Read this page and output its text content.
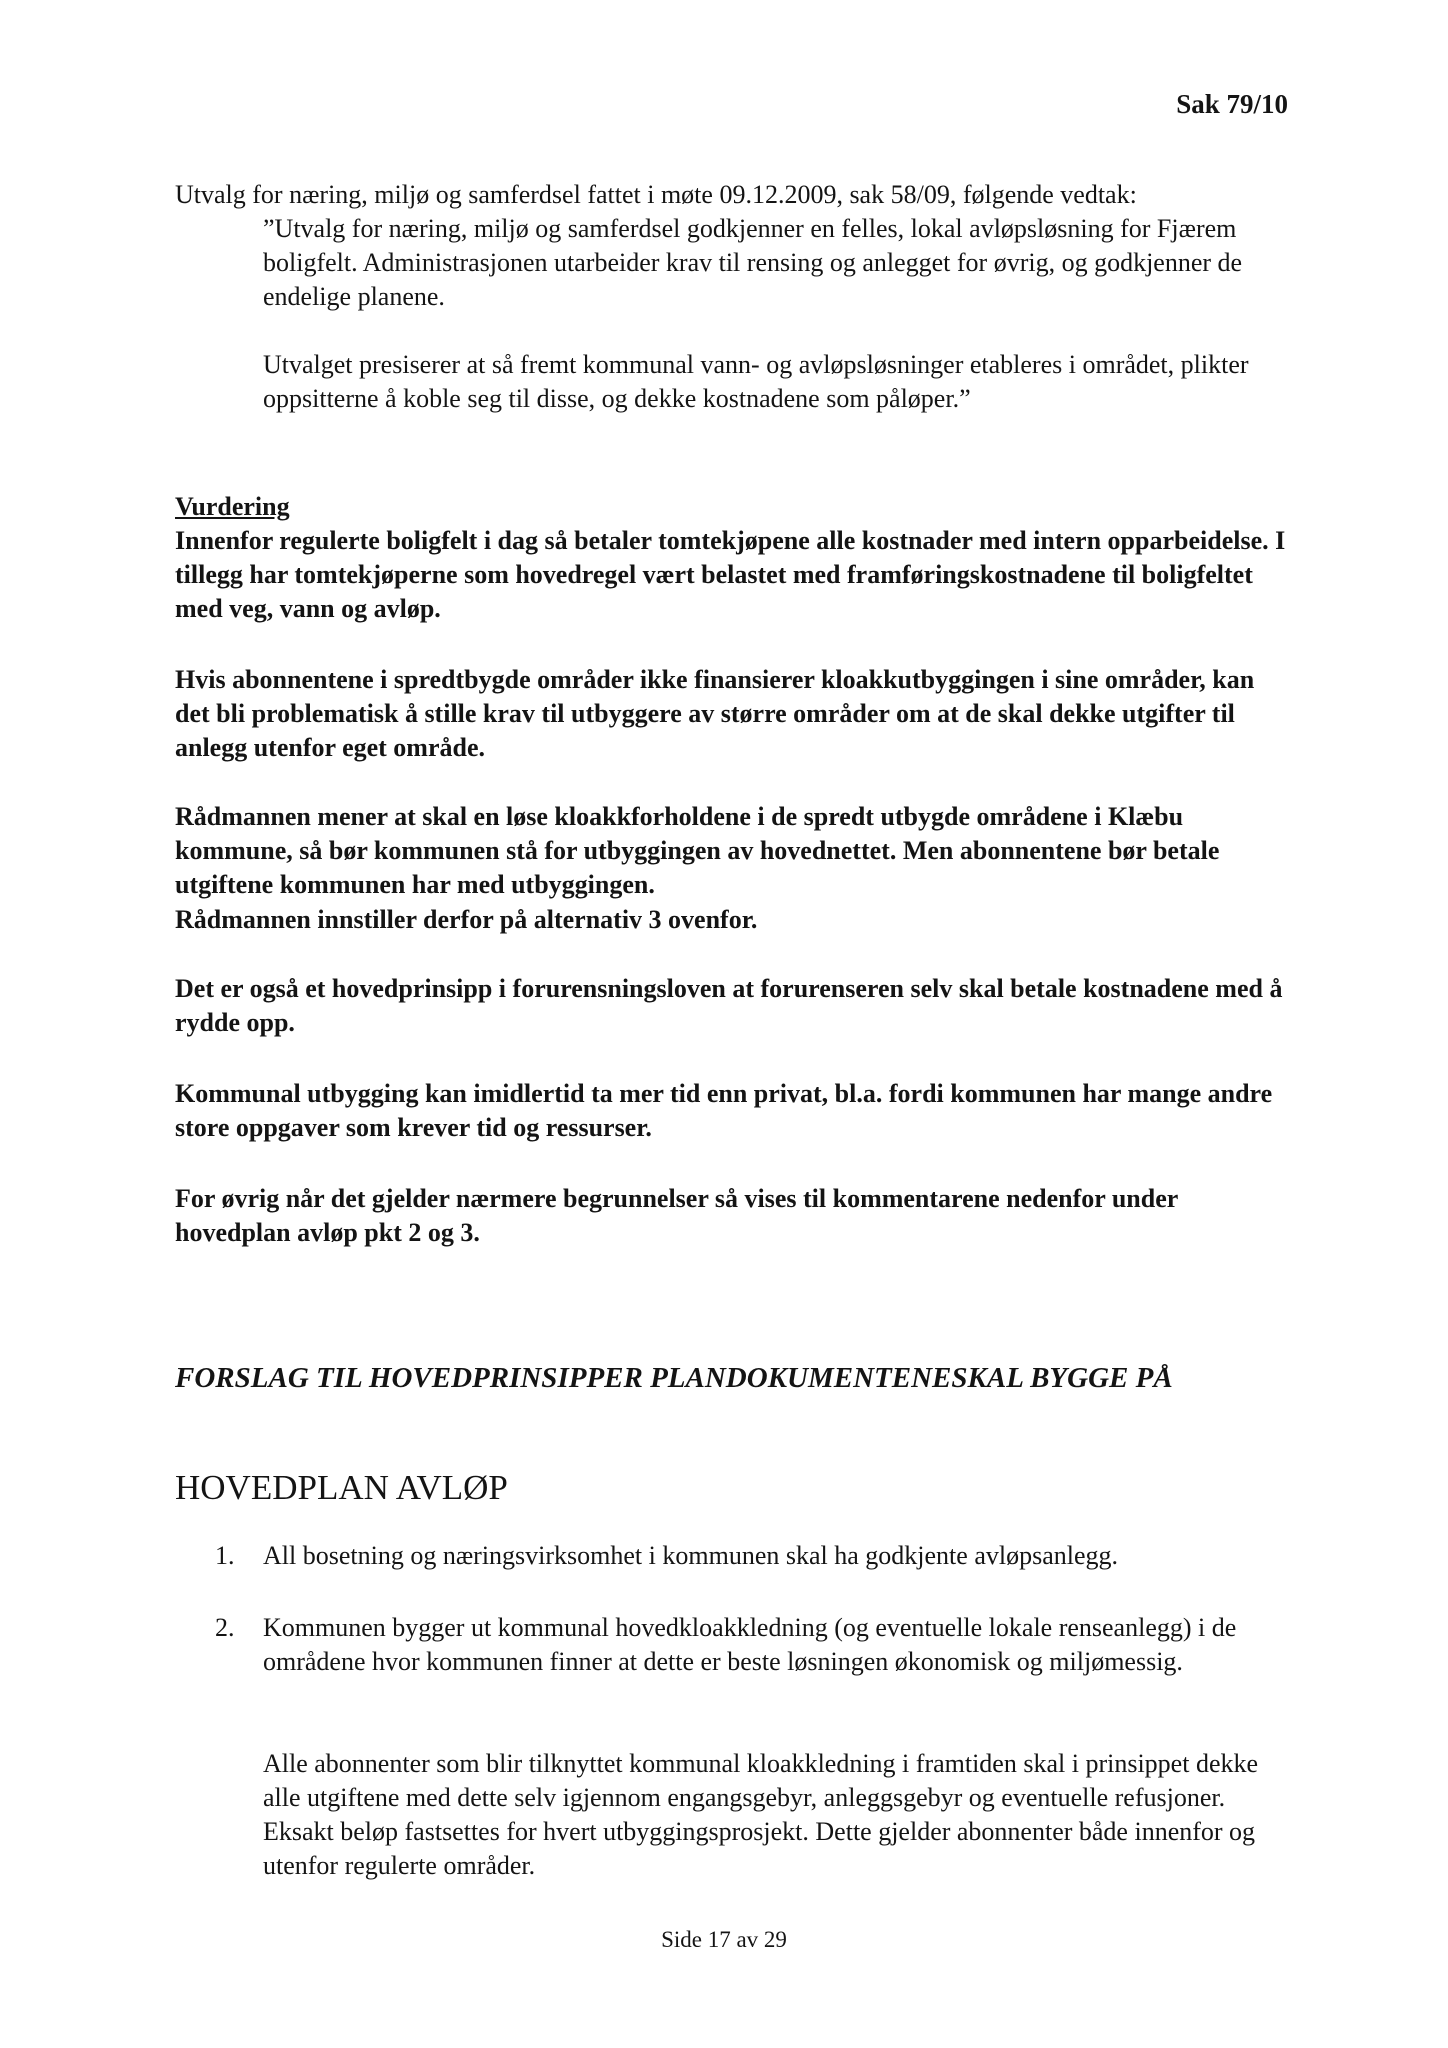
Sak 79/10

Utvalg for næring, miljø og samferdsel fattet i møte 09.12.2009, sak 58/09, følgende vedtak:

”Utvalg for næring, miljø og samferdsel godkjenner en felles, lokal avløpsløsning for Fjærem boligfelt. Administrasjonen utarbeider krav til rensing og anlegget for øvrig, og godkjenner de endelige planene.

Utvalget presiserer at så fremt kommunal vann- og avløpsløsninger etableres i området, plikter oppsitterne å koble seg til disse, og dekke kostnadene som påløper.”

Vurdering

Innenfor regulerte boligfelt i dag så betaler tomtekjøpene alle kostnader med intern opparbeidelse. I tillegg har tomtekjøperne som hovedregel vært belastet med framføringskostnadene til boligfeltet med veg, vann og avløp.

Hvis abonnentene i spredtbygde områder ikke finansierer kloakkutbyggingen i sine områder, kan det bli problematisk å stille krav til utbyggere av større områder om at de skal dekke utgifter til anlegg utenfor eget område.

Rådmannen mener at skal en løse kloakkforholdene i de spredt utbygde områdene i Klæbu kommune, så bør kommunen stå for utbyggingen av hovednettet. Men abonnentene bør betale utgiftene kommunen har med utbyggingen.

Rådmannen innstiller derfor på alternativ 3 ovenfor.

Det er også et hovedprinsipp i forurensningsloven at forurenseren selv skal betale kostnadene med å rydde opp.

Kommunal utbygging kan imidlertid ta mer tid enn privat, bl.a. fordi kommunen har mange andre store oppgaver som krever tid og ressurser.

For øvrig når det gjelder nærmere begrunnelser så vises til kommentarene nedenfor under hovedplan avløp pkt 2 og 3.

FORSLAG TIL HOVEDPRINSIPPER PLANDOKUMENTENESKAL BYGGE PÅ
HOVEDPLAN AVLØP
1. All bosetning og næringsvirksomhet i kommunen skal ha godkjente avløpsanlegg.

2. Kommunen bygger ut kommunal hovedkloakkledning (og eventuelle lokale renseanlegg) i de områdene hvor kommunen finner at dette er beste løsningen økonomisk og miljømessig.

Alle abonnenter som blir tilknyttet kommunal kloakkledning i framtiden skal i prinsippet dekke alle utgiftene med dette selv igjennom engangsgebyr, anleggsgebyr og eventuelle refusjoner. Eksakt beløp fastsettes for hvert utbyggingsprosjekt. Dette gjelder abonnenter både innenfor og utenfor regulerte områder.

Side 17 av 29
